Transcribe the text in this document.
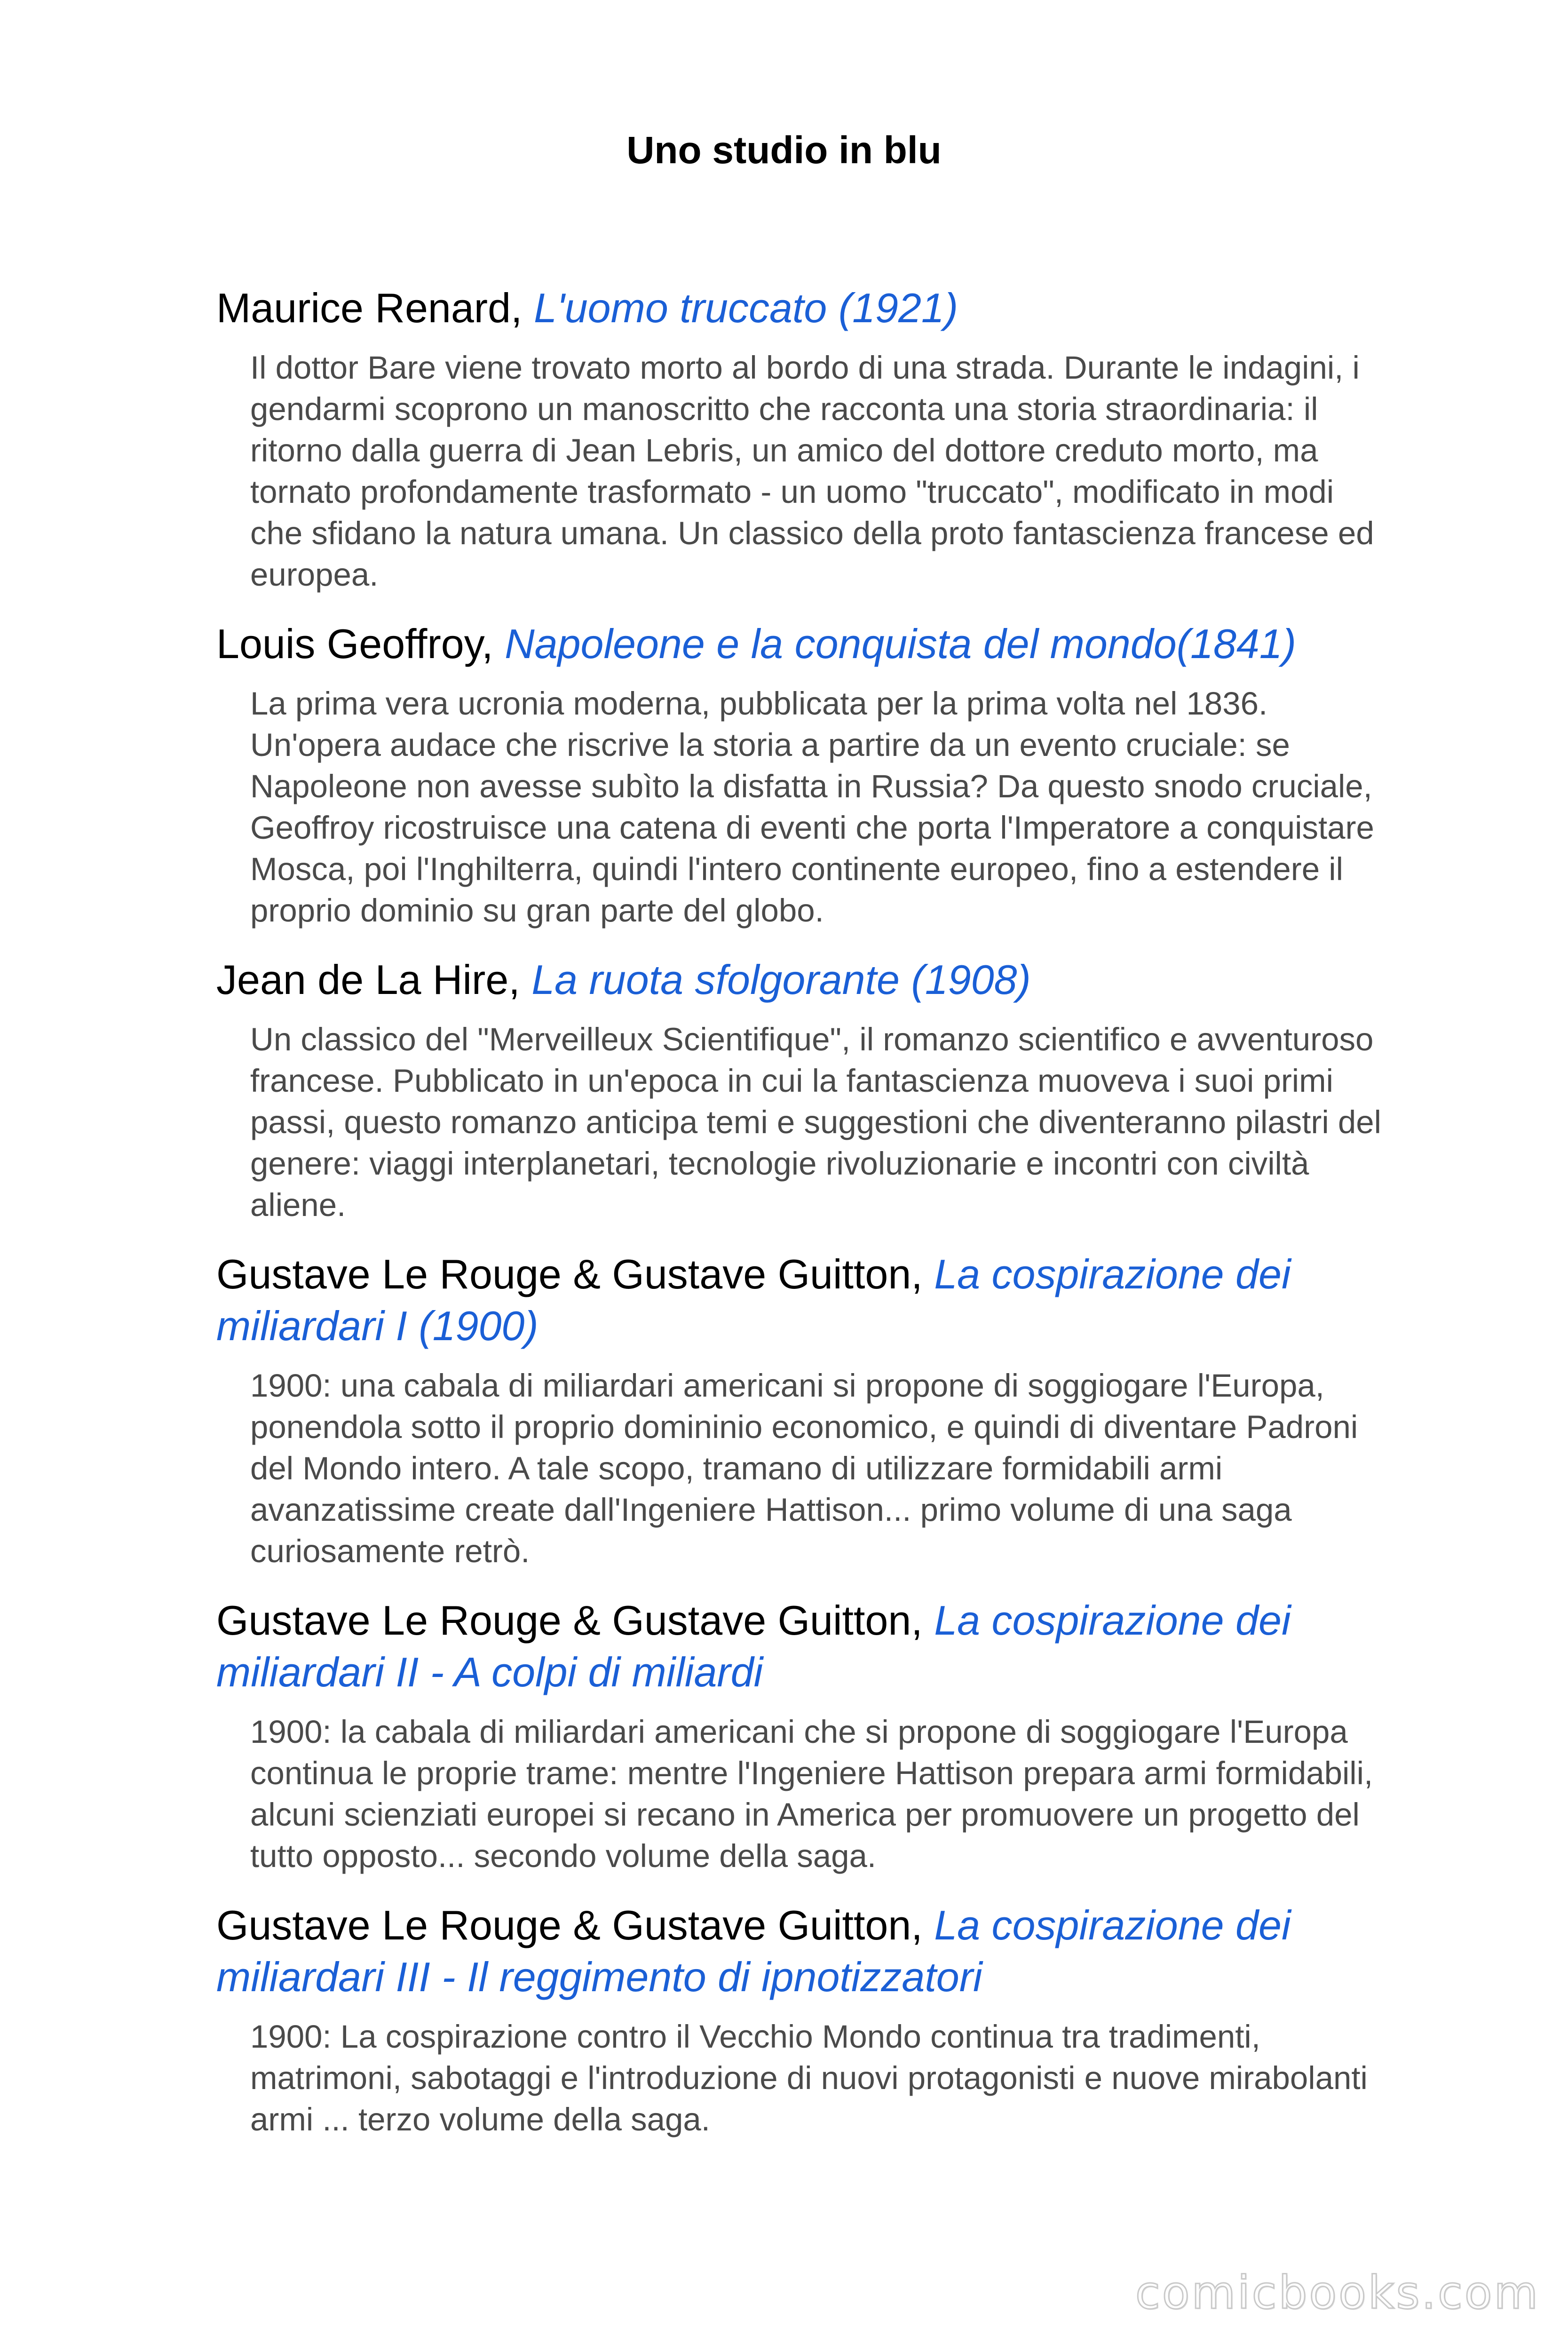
Uno studio in blu
Maurice Renard, L'uomo truccato (1921)
Il dottor Bare viene trovato morto al bordo di una strada. Durante le indagini, i gendarmi scoprono un manoscritto che racconta una storia straordinaria: il ritorno dalla guerra di Jean Lebris, un amico del dottore creduto morto, ma tornato profondamente trasformato - un uomo "truccato", modificato in modi che sfidano la natura umana. Un classico della proto fantascienza francese ed europea.
Louis Geoffroy, Napoleone e la conquista del mondo(1841)
La prima vera ucronia moderna, pubblicata per la prima volta nel 1836. Un'opera audace che riscrive la storia a partire da un evento cruciale: se Napoleone non avesse subìto la disfatta in Russia? Da questo snodo cruciale, Geoffroy ricostruisce una catena di eventi che porta l'Imperatore a conquistare Mosca, poi l'Inghilterra, quindi l'intero continente europeo, fino a estendere il proprio dominio su gran parte del globo.
Jean de La Hire, La ruota sfolgorante (1908)
Un classico del "Merveilleux Scientifique", il romanzo scientifico e avventuroso francese. Pubblicato in un'epoca in cui la fantascienza muoveva i suoi primi passi, questo romanzo anticipa temi e suggestioni che diventeranno pilastri del genere: viaggi interplanetari, tecnologie rivoluzionarie e incontri con civiltà aliene.
Gustave Le Rouge & Gustave Guitton, La cospirazione dei miliardari I (1900)
1900: una cabala di miliardari americani si propone di soggiogare l'Europa, ponendola sotto il proprio domininio economico, e quindi di diventare Padroni del Mondo intero. A tale scopo, tramano di utilizzare formidabili armi avanzatissime create dall'Ingeniere Hattison... primo volume di una saga curiosamente retrò.
Gustave Le Rouge & Gustave Guitton, La cospirazione dei miliardari II - A colpi di miliardi
1900: la cabala di miliardari americani che si propone di soggiogare l'Europa continua le proprie trame: mentre l'Ingeniere Hattison prepara armi formidabili, alcuni scienziati europei si recano in America per promuovere un progetto del tutto opposto... secondo volume della saga.
Gustave Le Rouge & Gustave Guitton, La cospirazione dei miliardari III - Il reggimento di ipnotizzatori
1900: La cospirazione contro il Vecchio Mondo continua tra tradimenti, matrimoni, sabotaggi e l'introduzione di nuovi protagonisti e nuove mirabolanti armi ... terzo volume della saga.
comicbooks.com
